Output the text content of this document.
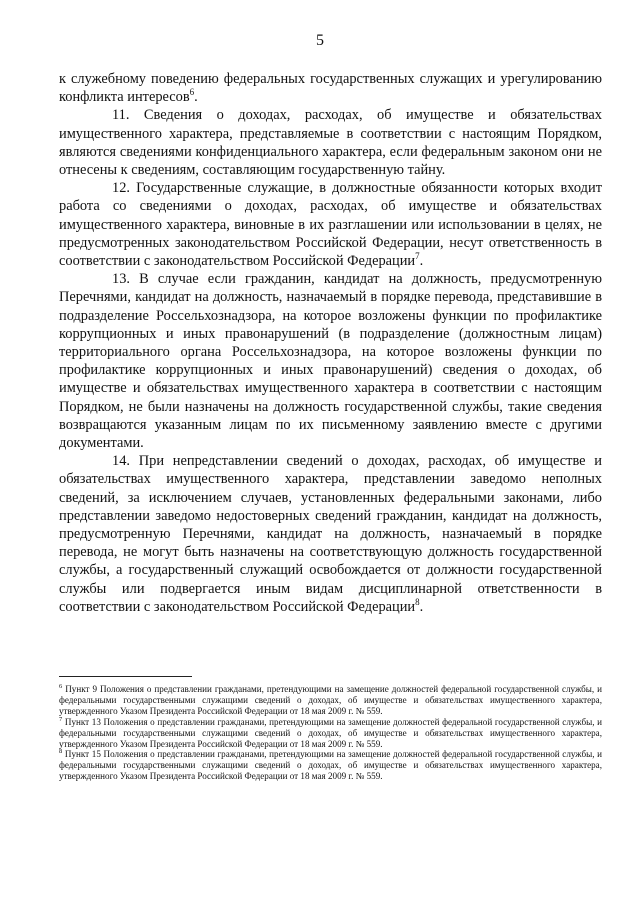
5

к служебному поведению федеральных государственных служащих и урегулированию конфликта интересов$^6$.

11. Сведения о доходах, расходах, об имуществе и обязательствах имущественного характера, представляемые в соответствии с настоящим Порядком, являются сведениями конфиденциального характера, если федеральным законом они не отнесены к сведениям, составляющим государственную тайну.

12. Государственные служащие, в должностные обязанности которых входит работа со сведениями о доходах, расходах, об имуществе и обязательствах имущественного характера, виновные в их разглашении или использовании в целях, не предусмотренных законодательством Российской Федерации, несут ответственность в соответствии с законодательством Российской Федерации$^7$.

13. В случае если гражданин, кандидат на должность, предусмотренную Перечнями, кандидат на должность, назначаемый в порядке перевода, представившие в подразделение Россельхознадзора, на которое возложены функции по профилактике коррупционных и иных правонарушений (в подразделение (должностным лицам) территориального органа Россельхознадзора, на которое возложены функции по профилактике коррупционных и иных правонарушений) сведения о доходах, об имуществе и обязательствах имущественного характера в соответствии с настоящим Порядком, не были назначены на должность государственной службы, такие сведения возвращаются указанным лицам по их письменному заявлению вместе с другими документами.

14. При непредставлении сведений о доходах, расходах, об имуществе и обязательствах имущественного характера, представлении заведомо неполных сведений, за исключением случаев, установленных федеральными законами, либо представлении заведомо недостоверных сведений гражданин, кандидат на должность, предусмотренную Перечнями, кандидат на должность, назначаемый в порядке перевода, не могут быть назначены на соответствующую должность государственной службы, а государственный служащий освобождается от должности государственной службы или подвергается иным видам дисциплинарной ответственности в соответствии с законодательством Российской Федерации$^8$.

$^6$ Пункт 9 Положения о представлении гражданами, претендующими на замещение должностей федеральной государственной службы, и федеральными государственными служащими сведений о доходах, об имуществе и обязательствах имущественного характера, утвержденного Указом Президента Российской Федерации от 18 мая 2009 г. № 559.

$^7$ Пункт 13 Положения о представлении гражданами, претендующими на замещение должностей федеральной государственной службы, и федеральными государственными служащими сведений о доходах, об имуществе и обязательствах имущественного характера, утвержденного Указом Президента Российской Федерации от 18 мая 2009 г. № 559.

$^8$ Пункт 15 Положения о представлении гражданами, претендующими на замещение должностей федеральной государственной службы, и федеральными государственными служащими сведений о доходах, об имуществе и обязательствах имущественного характера, утвержденного Указом Президента Российской Федерации от 18 мая 2009 г. № 559.
